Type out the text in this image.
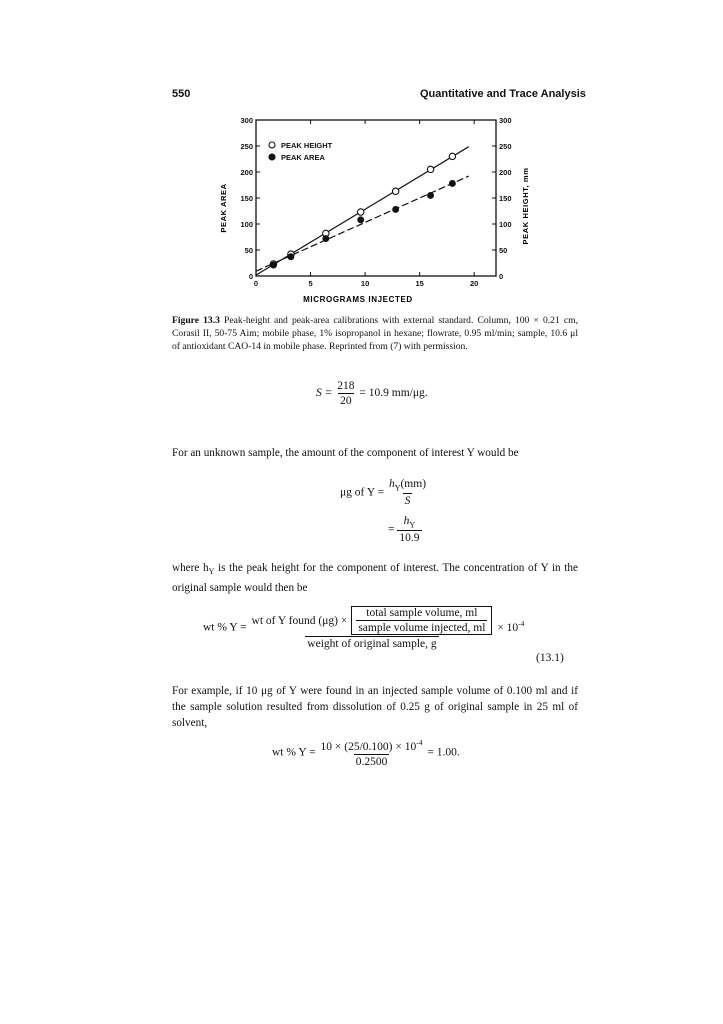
550	Quantitative and Trace Analysis
0	5	10	15	20
0
50
100
150
200
250
300
0
50
100
150
200
250
300
PEAK HEIGHT
PEAK AREA
MICROGRAMS INJECTED
PEAK AREA	PEAK HEIGHT, mm
Figure 13.3 Peak-height and peak-area calibrations with external standard. Column, 100 × 0.21 cm, Corasil II, 50-75 Aim; mobile phase, 1% isopropanol in hexane; flowrate, 0.95 ml/min; sample, 10.6 μl of antioxidant CAO-14 in mobile phase. Reprinted from (7) with permission.
$S = \frac{218}{20} = 10.9$ mm/μg.
For an unknown sample, the amount of the component of interest Y would be
μg of $Y = \frac{h_Y(mm)}{S}$
= $\frac{h_Y}{10.9}$
where $h_Y$ is the peak height for the component of interest. The concentration of Y in the original sample would then be
wt % Y =
wt of Y found $(\mu g) \times \frac{\text{total sample volume, ml}}{\text{sample volume injected, ml}}$
weight of original sample, g
× $10^{-4}$
(13.1)
For example, if 10 μg of Y were found in an injected sample volume of 0.100 ml and if the sample solution resulted from dissolution of 0.25 g of original sample in 25 ml of solvent,
wt % $Y = \frac{10 \times (25/0.100) \times 10^{-4}}{0.2500} = 1.00$.
